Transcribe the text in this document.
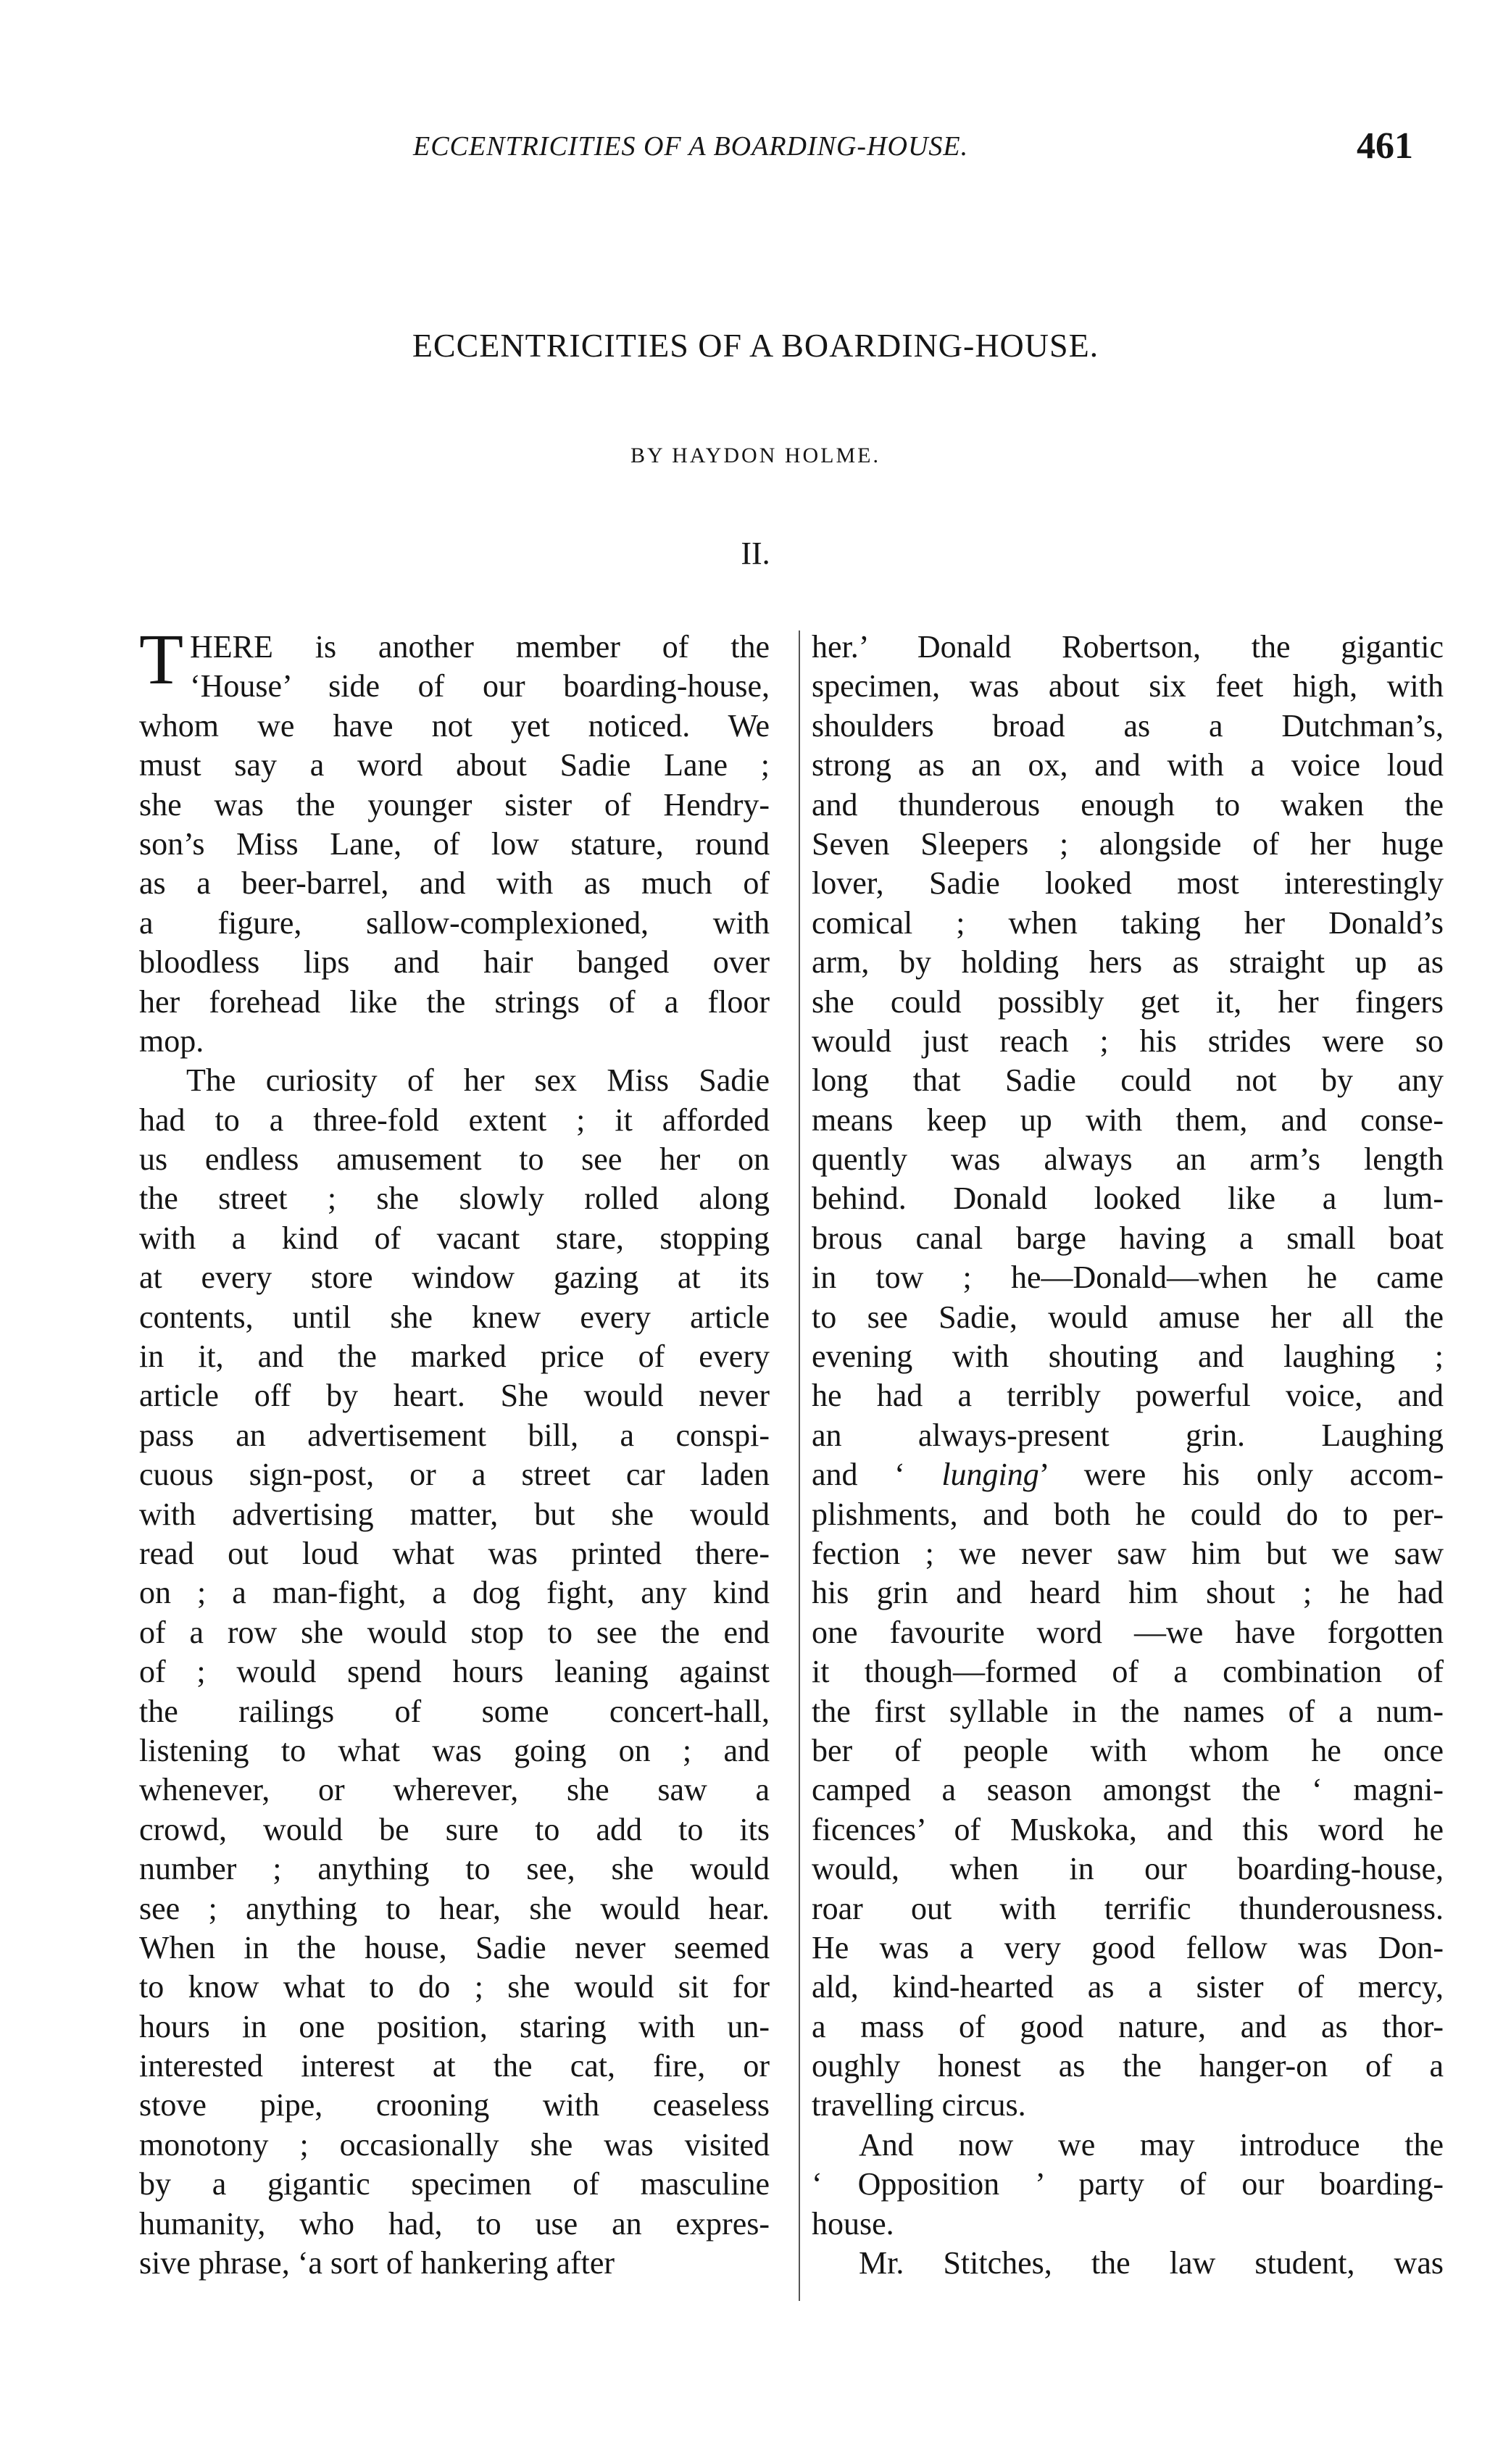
ECCENTRICITIES OF A BOARDING-HOUSE.	461
ECCENTRICITIES OF A BOARDING-HOUSE.
BY HAYDON HOLME.
II.
T HERE is another member of the
‘House’ side of our boarding-house,
whom we have not yet noticed. We
must say a word about Sadie Lane ;
she was the younger sister of Hendry-
son’s Miss Lane, of low stature, round
as a beer-barrel, and with as much of
a figure, sallow-complexioned, with
bloodless lips and hair banged over
her forehead like the strings of a floor
mop.
The curiosity of her sex Miss Sadie
had to a three-fold extent ; it afforded
us endless amusement to see her on
the street ; she slowly rolled along
with a kind of vacant stare, stopping
at every store window gazing at its
contents, until she knew every article
in it, and the marked price of every
article off by heart. She would never
pass an advertisement bill, a conspi-
cuous sign-post, or a street car laden
with advertising matter, but she would
read out loud what was printed there-
on ; a man-fight, a dog fight, any kind
of a row she would stop to see the end
of ; would spend hours leaning against
the railings of some concert-hall,
listening to what was going on ; and
whenever, or wherever, she saw a
crowd, would be sure to add to its
number ; anything to see, she would
see ; anything to hear, she would hear.
When in the house, Sadie never seemed
to know what to do ; she would sit for
hours in one position, staring with un-
interested interest at the cat, fire, or
stove pipe, crooning with ceaseless
monotony ; occasionally she was visited
by a gigantic specimen of masculine
humanity, who had, to use an expres-
sive phrase, ‘a sort of hankering after
her.’ Donald Robertson, the gigantic
specimen, was about six feet high, with
shoulders broad as a Dutchman’s,
strong as an ox, and with a voice loud
and thunderous enough to waken the
Seven Sleepers ; alongside of her huge
lover, Sadie looked most interestingly
comical ; when taking her Donald’s
arm, by holding hers as straight up as
she could possibly get it, her fingers
would just reach ; his strides were so
long that Sadie could not by any
means keep up with them, and conse-
quently was always an arm’s length
behind. Donald looked like a lum-
brous canal barge having a small boat
in tow ; he—Donald—when he came
to see Sadie, would amuse her all the
evening with shouting and laughing ;
he had a terribly powerful voice, and
an always-present grin. Laughing
and ‘ lunging’ were his only accom-
plishments, and both he could do to per-
fection ; we never saw him but we saw
his grin and heard him shout ; he had
one favourite word —we have forgotten
it though—formed of a combination of
the first syllable in the names of a num-
ber of people with whom he once
camped a season amongst the ‘ magni-
ficences’ of Muskoka, and this word he
would, when in our boarding-house,
roar out with terrific thunderousness.
He was a very good fellow was Don-
ald, kind-hearted as a sister of mercy,
a mass of good nature, and as thor-
oughly honest as the hanger-on of a
travelling circus.
And now we may introduce the
‘ Opposition ’ party of our boarding-
house.
Mr. Stitches, the law student, was
